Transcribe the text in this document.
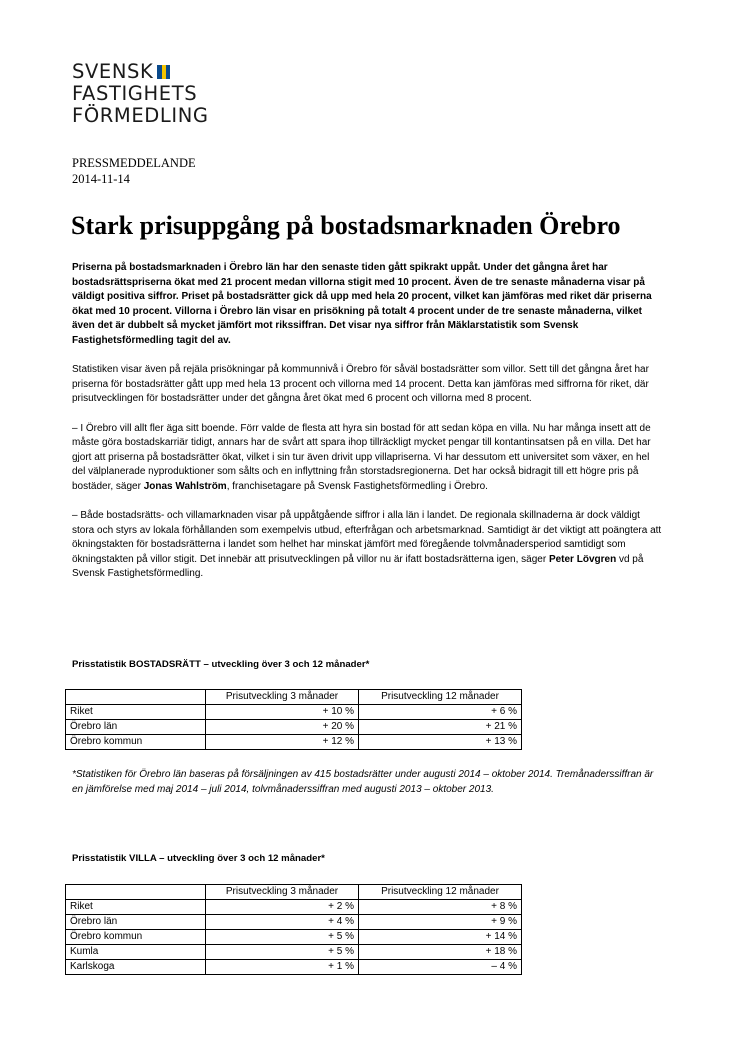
SVENSK
FASTIGHETS
FÖRMEDLING
PRESSMEDDELANDE
2014-11-14
Stark prisuppgång på bostadsmarknaden Örebro

Priserna på bostadsmarknaden i Örebro län har den senaste tiden gått spikrakt uppåt. Under det gångna året har bostadsrättspriserna ökat med 21 procent medan villorna stigit med 10 procent. Även de tre senaste månaderna visar på väldigt positiva siffror. Priset på bostadsrätter gick då upp med hela 20 procent, vilket kan jämföras med riket där priserna ökat med 10 procent. Villorna i Örebro län visar en prisökning på totalt 4 procent under de tre senaste månaderna, vilket även det är dubbelt så mycket jämfört mot rikssiffran. Det visar nya siffror från Mäklarstatistik som Svensk Fastighetsförmedling tagit del av.

Statistiken visar även på rejäla prisökningar på kommunnivå i Örebro för såväl bostadsrätter som villor. Sett till det gångna året har priserna för bostadsrätter gått upp med hela 13 procent och villorna med 14 procent. Detta kan jämföras med siffrorna för riket, där prisutvecklingen för bostadsrätter under det gångna året ökat med 6 procent och villorna med 8 procent.

– I Örebro vill allt fler äga sitt boende. Förr valde de flesta att hyra sin bostad för att sedan köpa en villa. Nu har många insett att de måste göra bostadskarriär tidigt, annars har de svårt att spara ihop tillräckligt mycket pengar till kontantinsatsen på en villa. Det har gjort att priserna på bostadsrätter ökat, vilket i sin tur även drivit upp villapriserna. Vi har dessutom ett universitet som växer, en hel del välplanerade nyproduktioner som sålts och en inflyttning från storstadsregionerna. Det har också bidragit till ett högre pris på bostäder, säger Jonas Wahlström, franchisetagare på Svensk Fastighetsförmedling i Örebro.

– Både bostadsrätts- och villamarknaden visar på uppåtgående siffror i alla län i landet. De regionala skillnaderna är dock väldigt stora och styrs av lokala förhållanden som exempelvis utbud, efterfrågan och arbetsmarknad. Samtidigt är det viktigt att poängtera att ökningstakten för bostadsrätterna i landet som helhet har minskat jämfört med föregående tolvmånadersperiod samtidigt som ökningstakten på villor stigit. Det innebär att prisutvecklingen på villor nu är ifatt bostadsrätterna igen, säger Peter Lövgren vd på Svensk Fastighetsförmedling.

Prisstatistik BOSTADSRÄTT – utveckling över 3 och 12 månader*
	Prisutveckling 3 månader	Prisutveckling 12 månader
Riket	+ 10 %	+ 6 %
Örebro län	+ 20 %	+ 21 %
Örebro kommun	+ 12 %	+ 13 %
*Statistiken för Örebro län baseras på försäljningen av 415 bostadsrätter under augusti 2014 – oktober 2014. Tremånaderssiffran är en jämförelse med maj 2014 – juli 2014, tolvmånaderssiffran med augusti 2013 – oktober 2013.
Prisstatistik VILLA – utveckling över 3 och 12 månader*
	Prisutveckling 3 månader	Prisutveckling 12 månader
Riket	+ 2 %	+ 8 %
Örebro län	+ 4 %	+ 9 %
Örebro kommun	+ 5 %	+ 14 %
Kumla	+ 5 %	+ 18 %
Karlskoga	+ 1 %	– 4 %
